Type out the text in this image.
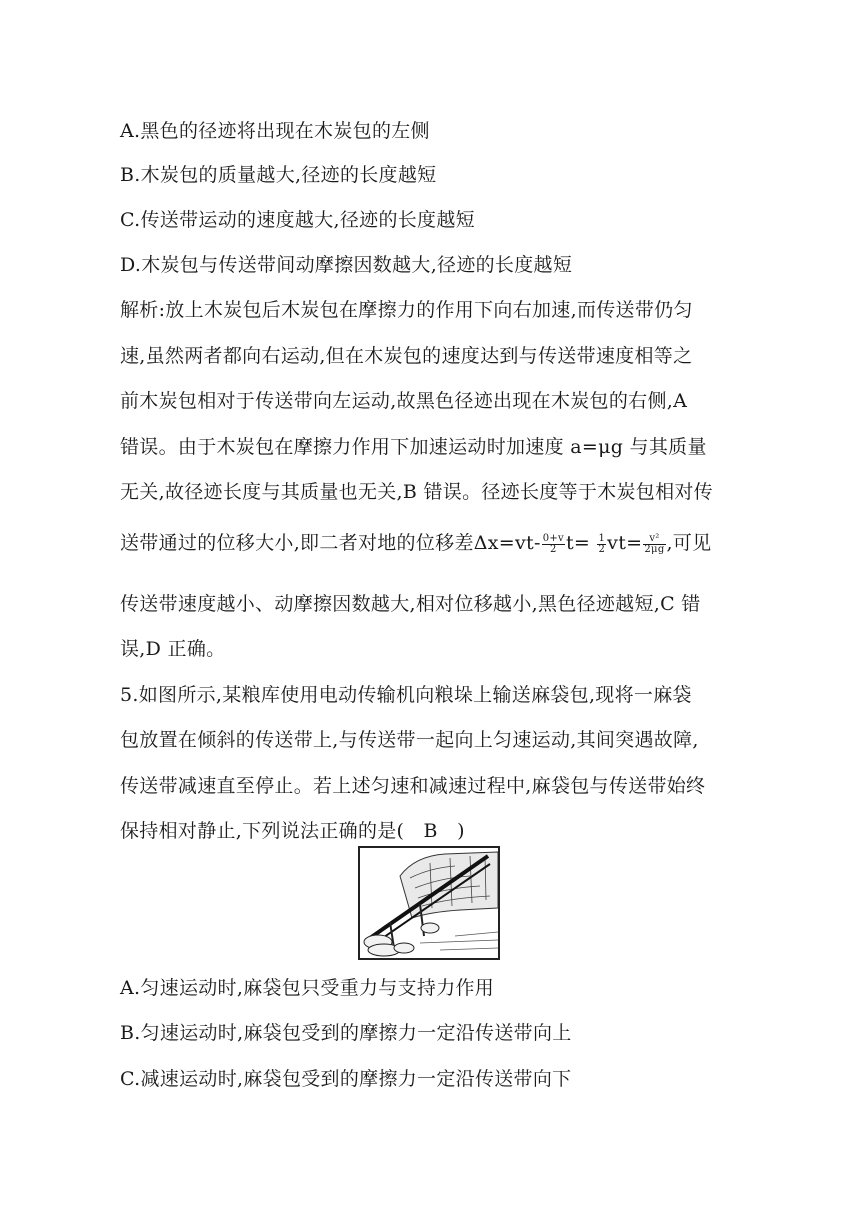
A.黑色的径迹将出现在木炭包的左侧
B.木炭包的质量越大,径迹的长度越短
C.传送带运动的速度越大,径迹的长度越短
D.木炭包与传送带间动摩擦因数越大,径迹的长度越短
解析:放上木炭包后木炭包在摩擦力的作用下向右加速,而传送带仍匀
速,虽然两者都向右运动,但在木炭包的速度达到与传送带速度相等之
前木炭包相对于传送带向左运动,故黑色径迹出现在木炭包的右侧,A
错误。由于木炭包在摩擦力作用下加速运动时加速度 a=μg 与其质量
无关,故径迹长度与其质量也无关,B 错误。径迹长度等于木炭包相对传
送带通过的位移大小,即二者对地的位移差$\Delta x=vt- \frac{0+v}{2} t= \frac{1}{2} vt= \frac{\text{v²}}{2\mu g}$ ,可见
传送带速度越小、动摩擦因数越大,相对位移越小,黑色径迹越短,C 错
误,D 正确。
5.如图所示,某粮库使用电动传输机向粮垛上输送麻袋包,现将一麻袋
包放置在倾斜的传送带上,与传送带一起向上匀速运动,其间突遇故障,
传送带减速直至停止。若上述匀速和减速过程中,麻袋包与传送带始终
保持相对静止,下列说法正确的是(　B　)
A.匀速运动时,麻袋包只受重力与支持力作用
B.匀速运动时,麻袋包受到的摩擦力一定沿传送带向上
C.减速运动时,麻袋包受到的摩擦力一定沿传送带向下
